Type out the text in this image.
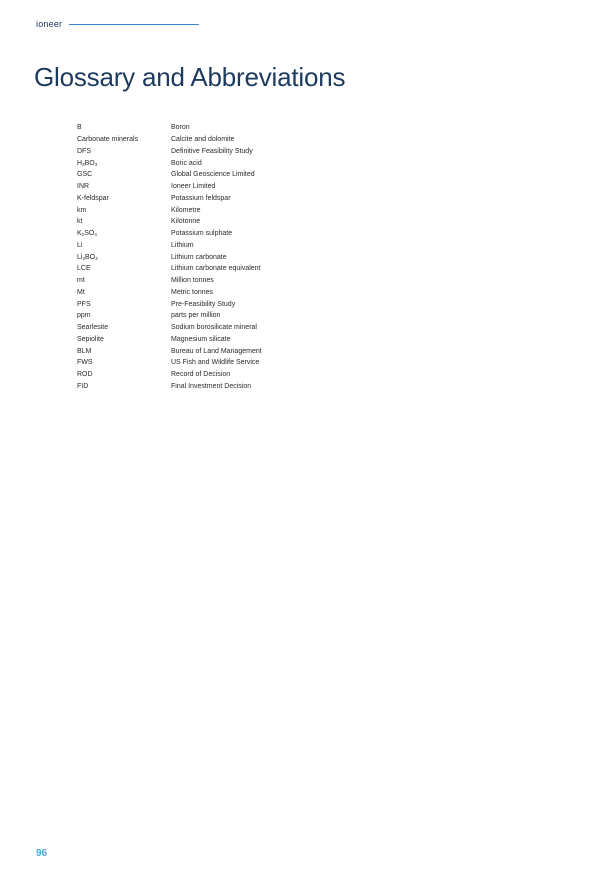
ioneer
Glossary and Abbreviations
B	Boron
Carbonate minerals	Calcite and dolomite
DFS	Definitive Feasibility Study
$H_3BO_3$	Boric acid
GSC	Global Geoscience Limited
INR	Ioneer Limited
K-feldspar	Potassium feldspar
km	Kilometre
kt	Kilotonne
$K_2SO_4$	Potassium sulphate
Li	Lithium
$Li_2BO_3$	Lithium carbonate
LCE	Lithium carbonate equivalent
mt	Million tonnes
Mt	Metric tonnes
PFS	Pre-Feasibility Study
ppm	parts per million
Searlesite	Sodium borosilicate mineral
Sepiolite	Magnesium silicate
BLM	Bureau of Land Management
FWS	US Fish and Wildlife Service
ROD	Record of Decision
FID	Final Investment Decision
96
